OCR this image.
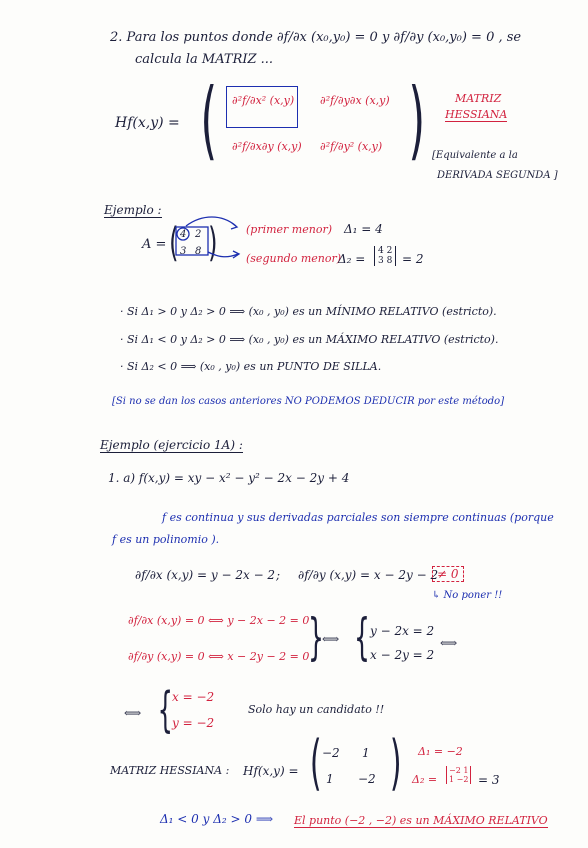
2. Para los puntos donde ∂f/∂x (x₀,y₀) = 0 y ∂f/∂y (x₀,y₀) = 0 , se
calcula la MATRIZ ...
Hf(x,y) = ( )
∂²f/∂x² (x,y) ∂²f/∂y∂x (x,y)
∂²f/∂x∂y (x,y) ∂²f/∂y² (x,y)
MATRIZ
HESSIANA
[Equivalente a la
DERIVADA SEGUNDA ]
Ejemplo :
A = ( )
4 2
3 8
(primer menor) Δ₁ = 4
(segundo menor)
Δ₂ =
4 2
3 8 = 2
· Si Δ₁ > 0 y Δ₂ > 0 ⟹ (x₀ , y₀) es un MÍNIMO RELATIVO (estricto).
· Si Δ₁ < 0 y Δ₂ > 0 ⟹ (x₀ , y₀) es un MÁXIMO RELATIVO (estricto).
· Si Δ₂ < 0 ⟹ (x₀ , y₀) es un PUNTO DE SILLA.
[Si no se dan los casos anteriores NO PODEMOS DEDUCIR por este método]
Ejemplo (ejercicio 1A) :
1. a) f(x,y) = xy − x² − y² − 2x − 2y + 4
f es continua y sus derivadas parciales son siempre continuas (porque
f es un polinomio ).
∂f/∂x (x,y) = y − 2x − 2 ; ∂f/∂y (x,y) = x − 2y − 2
≠ 0
↳ No poner !!
∂f/∂x (x,y) = 0 ⟺ y − 2x − 2 = 0
∂f/∂y (x,y) = 0 ⟺ x − 2y − 2 = 0
}
⟺ { y − 2x = 2
x − 2y = 2
⟺
⟺ { x = −2
y = −2
Solo hay un candidato !!
MATRIZ HESSIANA : Hf(x,y) = ( )
−2 1
1 −2
Δ₁ = −2
Δ₂ =
−2 1
1 −2 = 3
Δ₁ < 0 y Δ₂ > 0 ⟹ El punto (−2 , −2) es un MÁXIMO RELATIVO
